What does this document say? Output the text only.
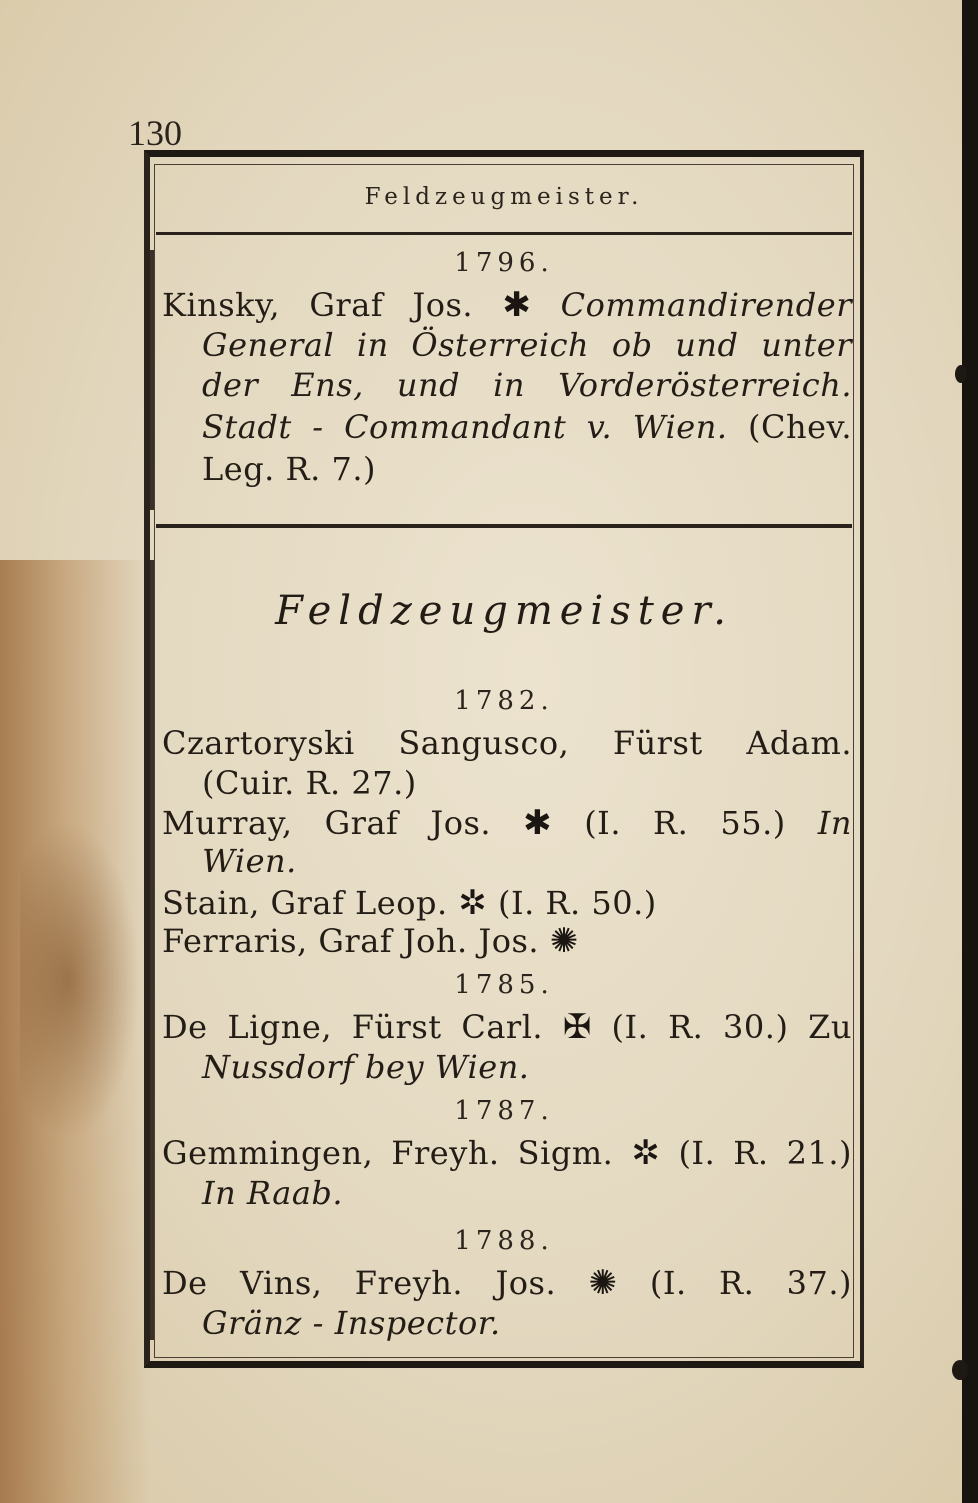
130
Feldzeugmeister.
1796.
Kinsky, Graf Jos. ✱ Commandirender
General in Österreich ob und unter
der Ens, und in Vorderösterreich.
Stadt - Commandant v. Wien. (Chev.
Leg. R. 7.)
Feldzeugmeister.
1782.
Czartoryski Sangusco, Fürst Adam.
(Cuir. R. 27.)
Murray, Graf Jos. ✱ (I. R. 55.) In
Wien.
Stain, Graf Leop. ✲ (I. R. 50.)
Ferraris, Graf Joh. Jos. ✺
1785.
De Ligne, Fürst Carl. ✠ (I. R. 30.) Zu
Nussdorf bey Wien.
1787.
Gemmingen, Freyh. Sigm. ✲ (I. R. 21.)
In Raab.
1788.
De Vins, Freyh. Jos. ✺ (I. R. 37.)
Gränz - Inspector.
